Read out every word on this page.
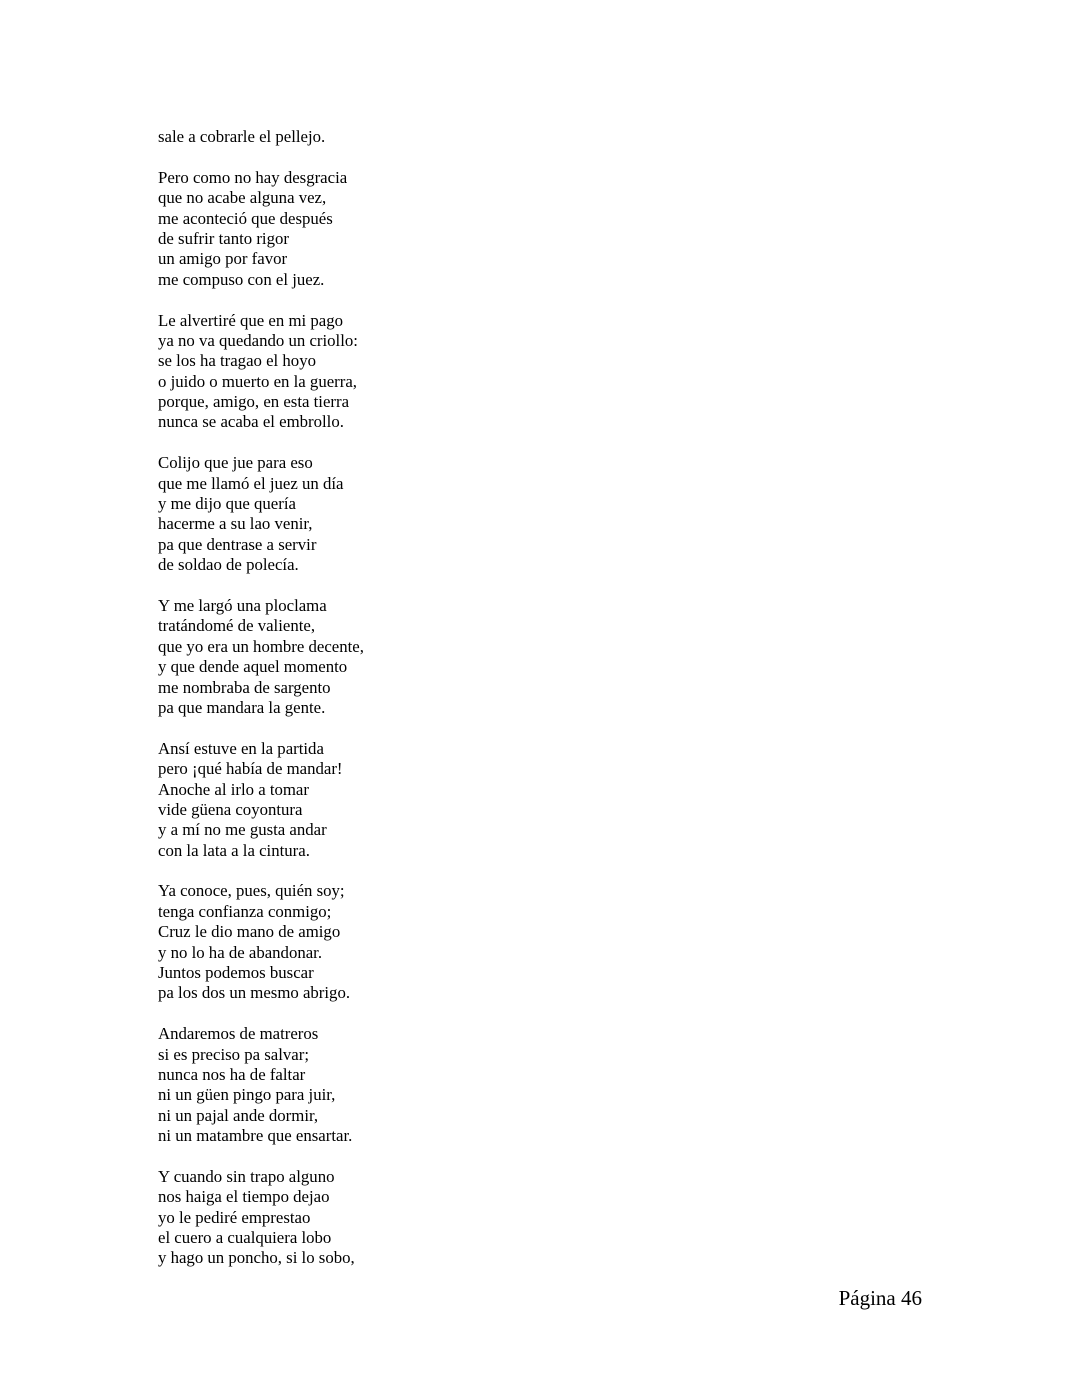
sale a cobrarle el pellejo.
Pero como no hay desgracia
que no acabe alguna vez,
me aconteció que después
de sufrir tanto rigor
un amigo por favor
me compuso con el juez.
Le alvertiré que en mi pago
ya no va quedando un criollo:
se los ha tragao el hoyo
o juido o muerto en la guerra,
porque, amigo, en esta tierra
nunca se acaba el embrollo.
Colijo que jue para eso
que me llamó el juez un día
y me dijo que quería
hacerme a su lao venir,
pa que dentrase a servir
de soldao de polecía.
Y me largó una ploclama
tratándomé de valiente,
que yo era un hombre decente,
y que dende aquel momento
me nombraba de sargento
pa que mandara la gente.
Ansí estuve en la partida
pero ¡qué había de mandar!
Anoche al irlo a tomar
vide güena coyontura
y a mí no me gusta andar
con la lata a la cintura.
Ya conoce, pues, quién soy;
tenga confianza conmigo;
Cruz le dio mano de amigo
y no lo ha de abandonar.
Juntos podemos buscar
pa los dos un mesmo abrigo.
Andaremos de matreros
si es preciso pa salvar;
nunca nos ha de faltar
ni un güen pingo para juir,
ni un pajal ande dormir,
ni un matambre que ensartar.
Y cuando sin trapo alguno
nos haiga el tiempo dejao
yo le pediré emprestao
el cuero a cualquiera lobo
y hago un poncho, si lo sobo,
Página 46
